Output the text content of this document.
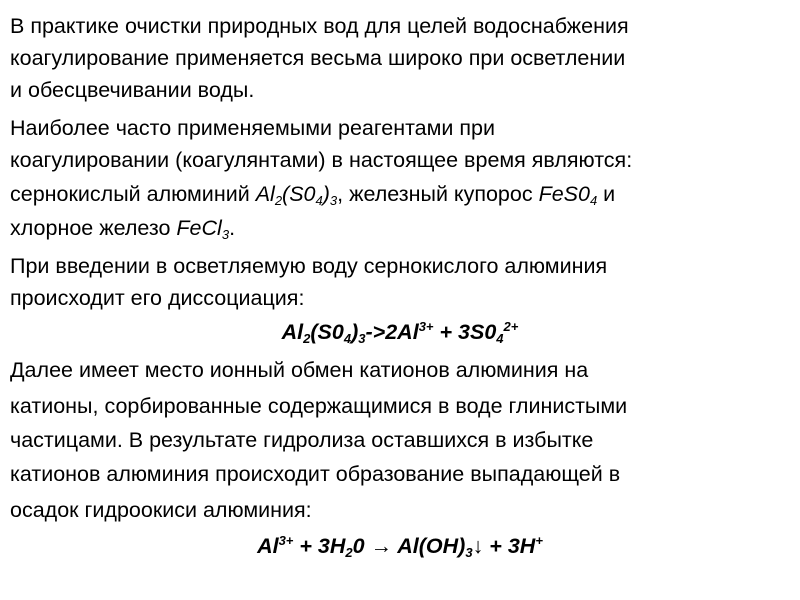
В практике очистки природных вод для целей водоснабжения
коагулирование применяется весьма широко при осветлении
и обесцвечивании воды.
Наиболее часто применяемыми реагентами при
коагулировании (коагулянтами) в настоящее время являются:
сернокислый алюминий $Al_2(S0_4)_3$, железный купорос $FeS0_4$ и
хлорное железо FeCl$_3$.
При введении в осветляемую воду сернокислого алюминия
происходит его диссоциация:
$Al_2(S0_4)_3->2Al^{3+} + 3S0_4^{2+}$
Далее имеет место ионный обмен катионов алюминия на
катионы, сорбированные содержащимися в воде глинистыми
частицами. В результате гидролиза оставшихся в избытке
катионов алюминия происходит образование выпадающей в
осадок гидроокиси алюминия:
$Al^{3+} + 3H_20$ → $Al(OH)_3↓ + 3H^+$
